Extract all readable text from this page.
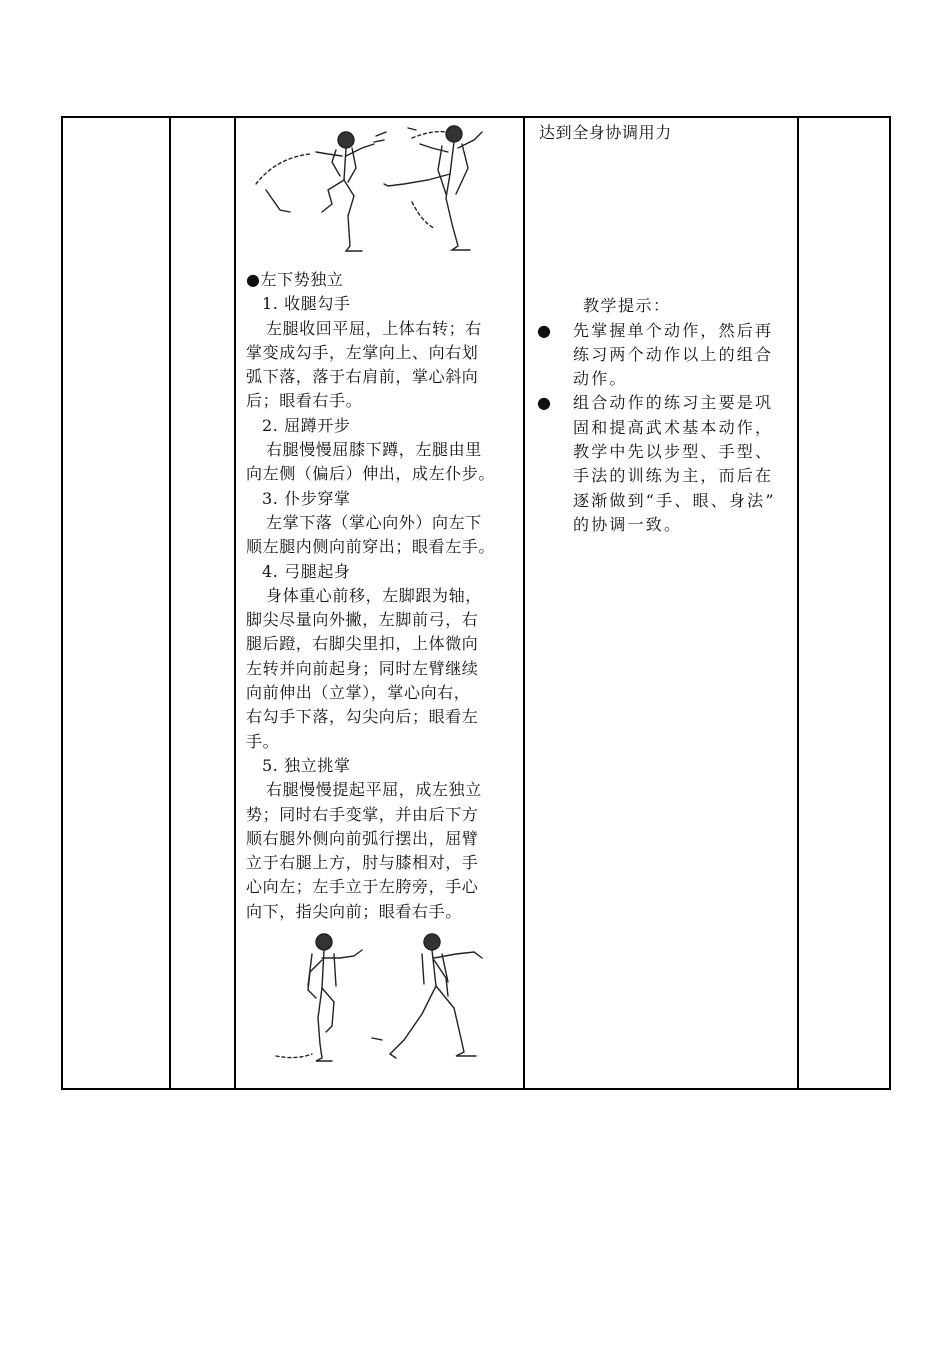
●左下势独立
1. 收腿勾手
左腿收回平屈，上体右转；右
掌变成勾手，左掌向上、向右划
弧下落，落于右肩前，掌心斜向
后；眼看右手。
2. 屈蹲开步
右腿慢慢屈膝下蹲，左腿由里
向左侧（偏后）伸出，成左仆步。
3. 仆步穿掌
左掌下落（掌心向外）向左下
顺左腿内侧向前穿出；眼看左手。
4. 弓腿起身
身体重心前移，左脚跟为轴，
脚尖尽量向外撇，左脚前弓，右
腿后蹬，右脚尖里扣，上体微向
左转并向前起身；同时左臂继续
向前伸出（立掌），掌心向右，
右勾手下落，勾尖向后；眼看左
手。
5. 独立挑掌
右腿慢慢提起平屈，成左独立
势；同时右手变掌，并由后下方
顺右腿外侧向前弧行摆出，屈臂
立于右腿上方，肘与膝相对，手
心向左；左手立于左胯旁，手心
向下，指尖向前；眼看右手。
达到全身协调用力
教学提示：
● 先掌握单个动作，然后再
练习两个动作以上的组合
动作。
● 组合动作的练习主要是巩
固和提高武术基本动作，
教学中先以步型、手型、
手法的训练为主，而后在
逐渐做到“手、眼、身法”
的协调一致。
